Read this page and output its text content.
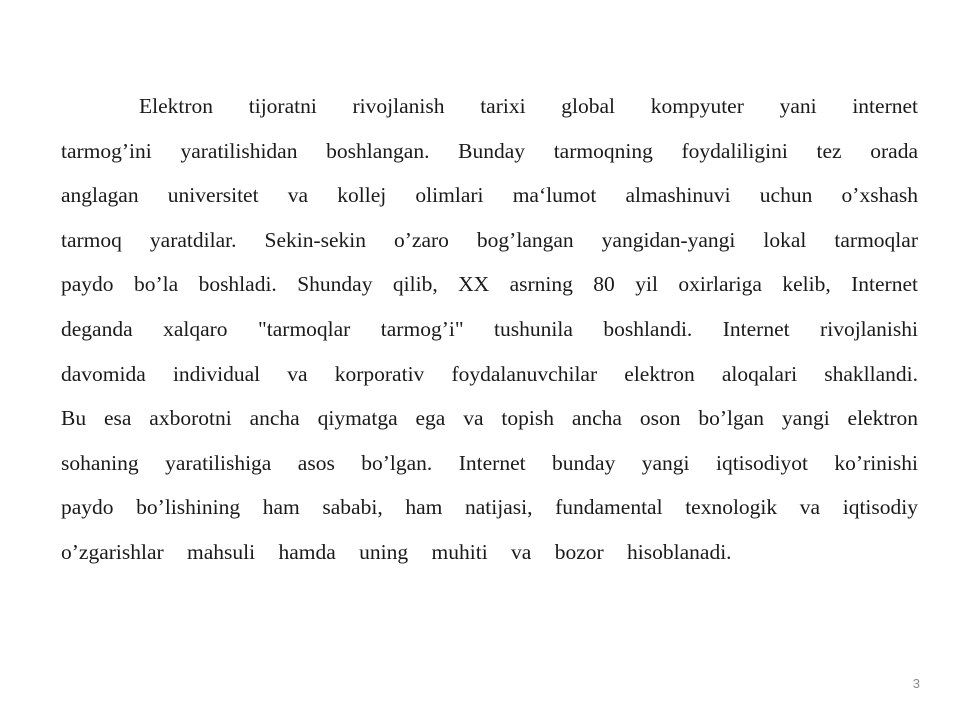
Elektron tijoratni rivojlanish tarixi global kompyuter yani internet
tarmog’ini yaratilishidan boshlangan. Bunday tarmoqning foydaliligini tez orada
anglagan universitet va kollej olimlari ma‘lumot almashinuvi uchun o’xshash
tarmoq yaratdilar. Sekin-sekin o’zaro bog’langan yangidan-yangi lokal tarmoqlar
paydo bo’la boshladi. Shunday qilib, XX asrning 80 yil oxirlariga kelib, Internet
deganda xalqaro "tarmoqlar tarmog’i" tushunila boshlandi. Internet rivojlanishi
davomida individual va korporativ foydalanuvchilar elektron aloqalari shakllandi.
Bu esa axborotni ancha qiymatga ega va topish ancha oson bo’lgan yangi elektron
sohaning yaratilishiga asos bo’lgan. Internet bunday yangi iqtisodiyot ko’rinishi
paydo bo’lishining ham sababi, ham natijasi, fundamental texnologik va iqtisodiy
o’zgarishlar mahsuli hamda uning muhiti va bozor hisoblanadi.
3
